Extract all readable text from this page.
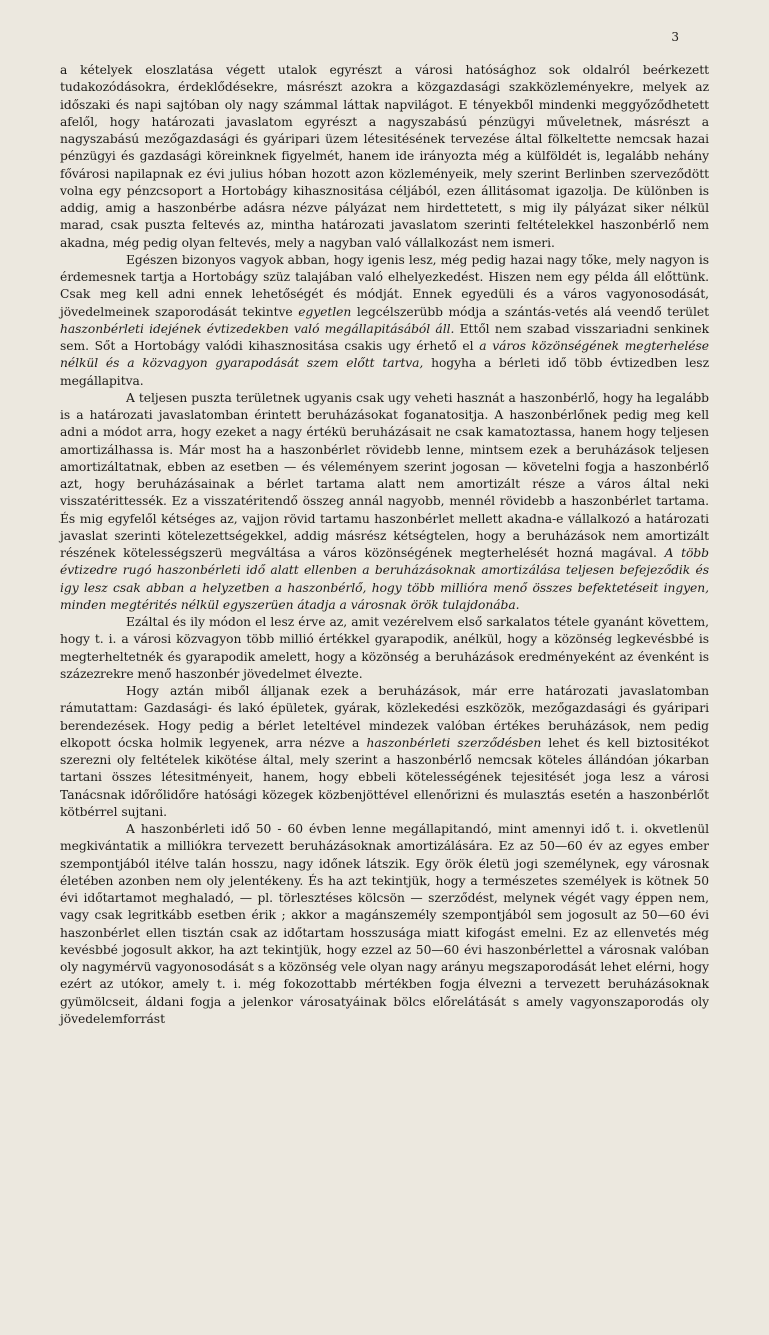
3

a kételyek eloszlatása végett utalok egyrészt a városi hatósághoz sok oldalról beérkezett tudakozódásokra, érdeklődésekre, másrészt azokra a közgazdasági szakközleményekre, melyek az időszaki és napi sajtóban oly nagy számmal láttak napvilágot. E tényekből mindenki meggyőződhetett afelől, hogy határozati javaslatom egyrészt a nagyszabású pénzügyi műveletnek, másrészt a nagyszabású mezőgazdasági és gyáripari üzem létesitésének tervezése által fölkeltette nemcsak hazai pénzügyi és gazdasági köreinknek figyelmét, hanem ide irányozta még a külföldét is, legalább nehány fővárosi napilapnak ez évi julius hóban hozott azon közleményeik, mely szerint Berlinben szerveződött volna egy pénzcsoport a Hortobágy kihasznositása céljából, ezen állitásomat igazolja. De különben is addig, amig a haszonbérbe adásra nézve pályázat nem hirdettetett, s mig ily pályázat siker nélkül marad, csak puszta feltevés az, mintha határozati javaslatom szerinti feltételekkel haszonbérlő nem akadna, még pedig olyan feltevés, mely a nagyban való vállalkozást nem ismeri.

Egészen bizonyos vagyok abban, hogy igenis lesz, még pedig hazai nagy tőke, mely nagyon is érdemesnek tartja a Hortobágy szüz talajában való elhelyezkedést. Hiszen nem egy példa áll előttünk. Csak meg kell adni ennek lehetőségét és módját. Ennek egyedüli és a város vagyonosodását, jövedelmeinek szaporodását tekintve egyetlen legcélszerübb módja a szántás-vetés alá veendő terület haszonbérleti idejének évtizedekben való megállapitásából áll. Ettől nem szabad visszariadni senkinek sem. Sőt a Hortobágy valódi kihasznositása csakis ugy érhető el a város közönségének megterhelése nélkül és a közvagyon gyarapodását szem előtt tartva, hogyha a bérleti idő több évtizedben lesz megállapitva.

A teljesen puszta területnek ugyanis csak ugy veheti hasznát a haszonbérlő, hogy ha legalább is a határozati javaslatomban érintett beruházásokat foganatositja. A haszonbérlőnek pedig meg kell adni a módot arra, hogy ezeket a nagy értékü beruházásait ne csak kamatoztassa, hanem hogy teljesen amortizálhassa is. Már most ha a haszonbérlet rövidebb lenne, mintsem ezek a beruházások teljesen amortizáltatnak, ebben az esetben — és véleményem szerint jogosan — követelni fogja a haszonbérlő azt, hogy beruházásainak a bérlet tartama alatt nem amortizált része a város által neki visszatérittessék. Ez a visszatéritendő összeg annál nagyobb, mennél rövidebb a haszonbérlet tartama. És mig egyfelől kétséges az, vajjon rövid tartamu haszonbérlet mellett akadna-e vállalkozó a határozati javaslat szerinti kötelezettségekkel, addig másrész kétségtelen, hogy a beruházások nem amortizált részének kötelességszerü megváltása a város közönségének megterhelését hozná magával. A több évtizedre rugó haszonbérleti idő alatt ellenben a beruházásoknak amortizálása teljesen befejeződik és igy lesz csak abban a helyzetben a haszonbérlő, hogy több millióra menő összes befektetéseit ingyen, minden megtérités nélkül egyszerüen átadja a városnak örök tulajdonába.

Ezáltal és ily módon el lesz érve az, amit vezérelvem első sarkalatos tétele gyanánt követtem, hogy t. i. a városi közvagyon több millió értékkel gyarapodik, anélkül, hogy a közönség legkevésbbé is megterheltetnék és gyarapodik amelett, hogy a közönség a beruházások eredményeként az évenként is százezrekre menő haszonbér jövedelmet élvezte.

Hogy aztán miből álljanak ezek a beruházások, már erre határozati javaslatomban rámutattam: Gazdasági- és lakó épületek, gyárak, közlekedési eszközök, mezőgazdasági és gyáripari berendezések. Hogy pedig a bérlet leteltével mindezek valóban értékes beruházások, nem pedig elkopott ócska holmik legyenek, arra nézve a haszonbérleti szerződésben lehet és kell biztositékot szerezni oly feltételek kikötése által, mely szerint a haszonbérlő nemcsak köteles állándóan jókarban tartani összes létesitményeit, hanem, hogy ebbeli kötelességének tejesitését joga lesz a városi Tanácsnak időrőlidőre hatósági közegek közbenjöttével ellenőrizni és mulasztás esetén a haszonbérlőt kötbérrel sujtani.

A haszonbérleti idő 50 - 60 évben lenne megállapitandó, mint amennyi idő t. i. okvetlenül megkivántatik a milliókra tervezett beruházásoknak amortizálására. Ez az 50—60 év az egyes ember szempontjából itélve talán hosszu, nagy időnek látszik. Egy örök életü jogi személynek, egy városnak életében azonben nem oly jelentékeny. És ha azt tekintjük, hogy a természetes személyek is kötnek 50 évi időtartamot meghaladó, — pl. törlesztéses kölcsön — szerződést, melynek végét vagy éppen nem, vagy csak legritkább esetben érik ; akkor a magánszemély szempontjából sem jogosult az 50—60 évi haszonbérlet ellen tisztán csak az időtartam hosszusága miatt kifogást emelni. Ez az ellenvetés még kevésbbé jogosult akkor, ha azt tekintjük, hogy ezzel az 50—60 évi haszonbérlettel a városnak valóban oly nagymérvü vagyonosodását s a közönség vele olyan nagy arányu megszaporodását lehet elérni, hogy ezért az utókor, amely t. i. még fokozottabb mértékben fogja élvezni a tervezett beruházásoknak gyümölcseit, áldani fogja a jelenkor városatyáinak bölcs előrelátását s amely vagyonszaporodás oly jövedelemforrást
